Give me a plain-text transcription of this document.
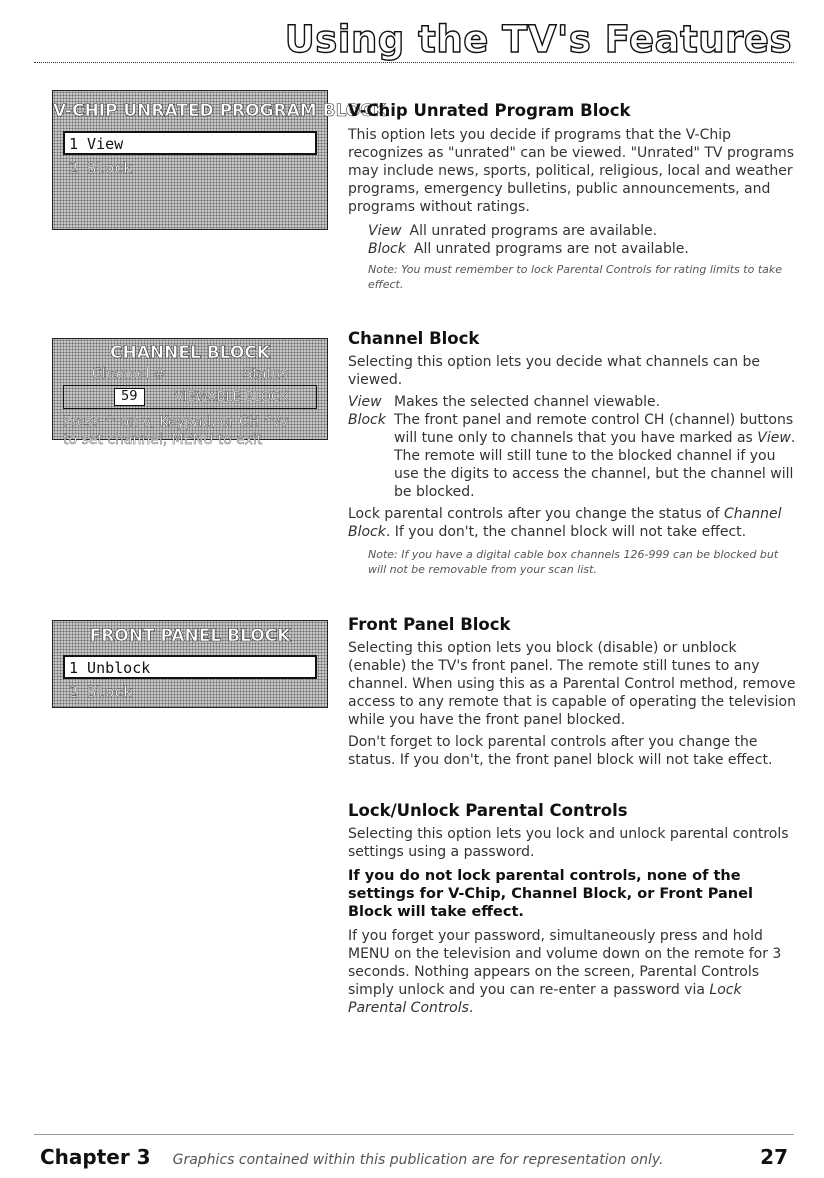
Using the TV's Features
V-CHIP UNRATED PROGRAM BLOCK
1 View
2 Block
CHANNEL BLOCK
Channel #	Status
59	VIEWABLE BLOCK
Press ^ on v, Keypad, or CH ^/v
to set channel, MENU to exit
FRONT PANEL BLOCK
1 Unblock
2 Block
V-Chip Unrated Program Block

This option lets you decide if programs that the V-Chip recognizes as "unrated" can be viewed. "Unrated" TV programs may include news, sports, political, religious, local and weather programs, emergency bulletins, public announcements, and programs without ratings.

View All unrated programs are available.
Block All unrated programs are not available.

Note: You must remember to lock Parental Controls for rating limits to take effect.

Channel Block

Selecting this option lets you decide what channels can be viewed.

View Makes the selected channel viewable.
Block The front panel and remote control CH (channel) buttons will tune only to channels that you have marked as View. The remote will still tune to the blocked channel if you use the digits to access the channel, but the channel will be blocked.

Lock parental controls after you change the status of Channel Block. If you don't, the channel block will not take effect.

Note: If you have a digital cable box channels 126-999 can be blocked but will not be removable from your scan list.

Front Panel Block

Selecting this option lets you block (disable) or unblock (enable) the TV's front panel. The remote still tunes to any channel. When using this as a Parental Control method, remove access to any remote that is capable of operating the television while you have the front panel blocked.

Don't forget to lock parental controls after you change the status. If you don't, the front panel block will not take effect.

Lock/Unlock Parental Controls

Selecting this option lets you lock and unlock parental controls settings using a password.

If you do not lock parental controls, none of the settings for V-Chip, Channel Block, or Front Panel Block will take effect.

If you forget your password, simultaneously press and hold MENU on the television and volume down on the remote for 3 seconds. Nothing appears on the screen, Parental Controls simply unlock and you can re-enter a password via Lock Parental Controls.

Chapter 3 Graphics contained within this publication are for representation only.	27
